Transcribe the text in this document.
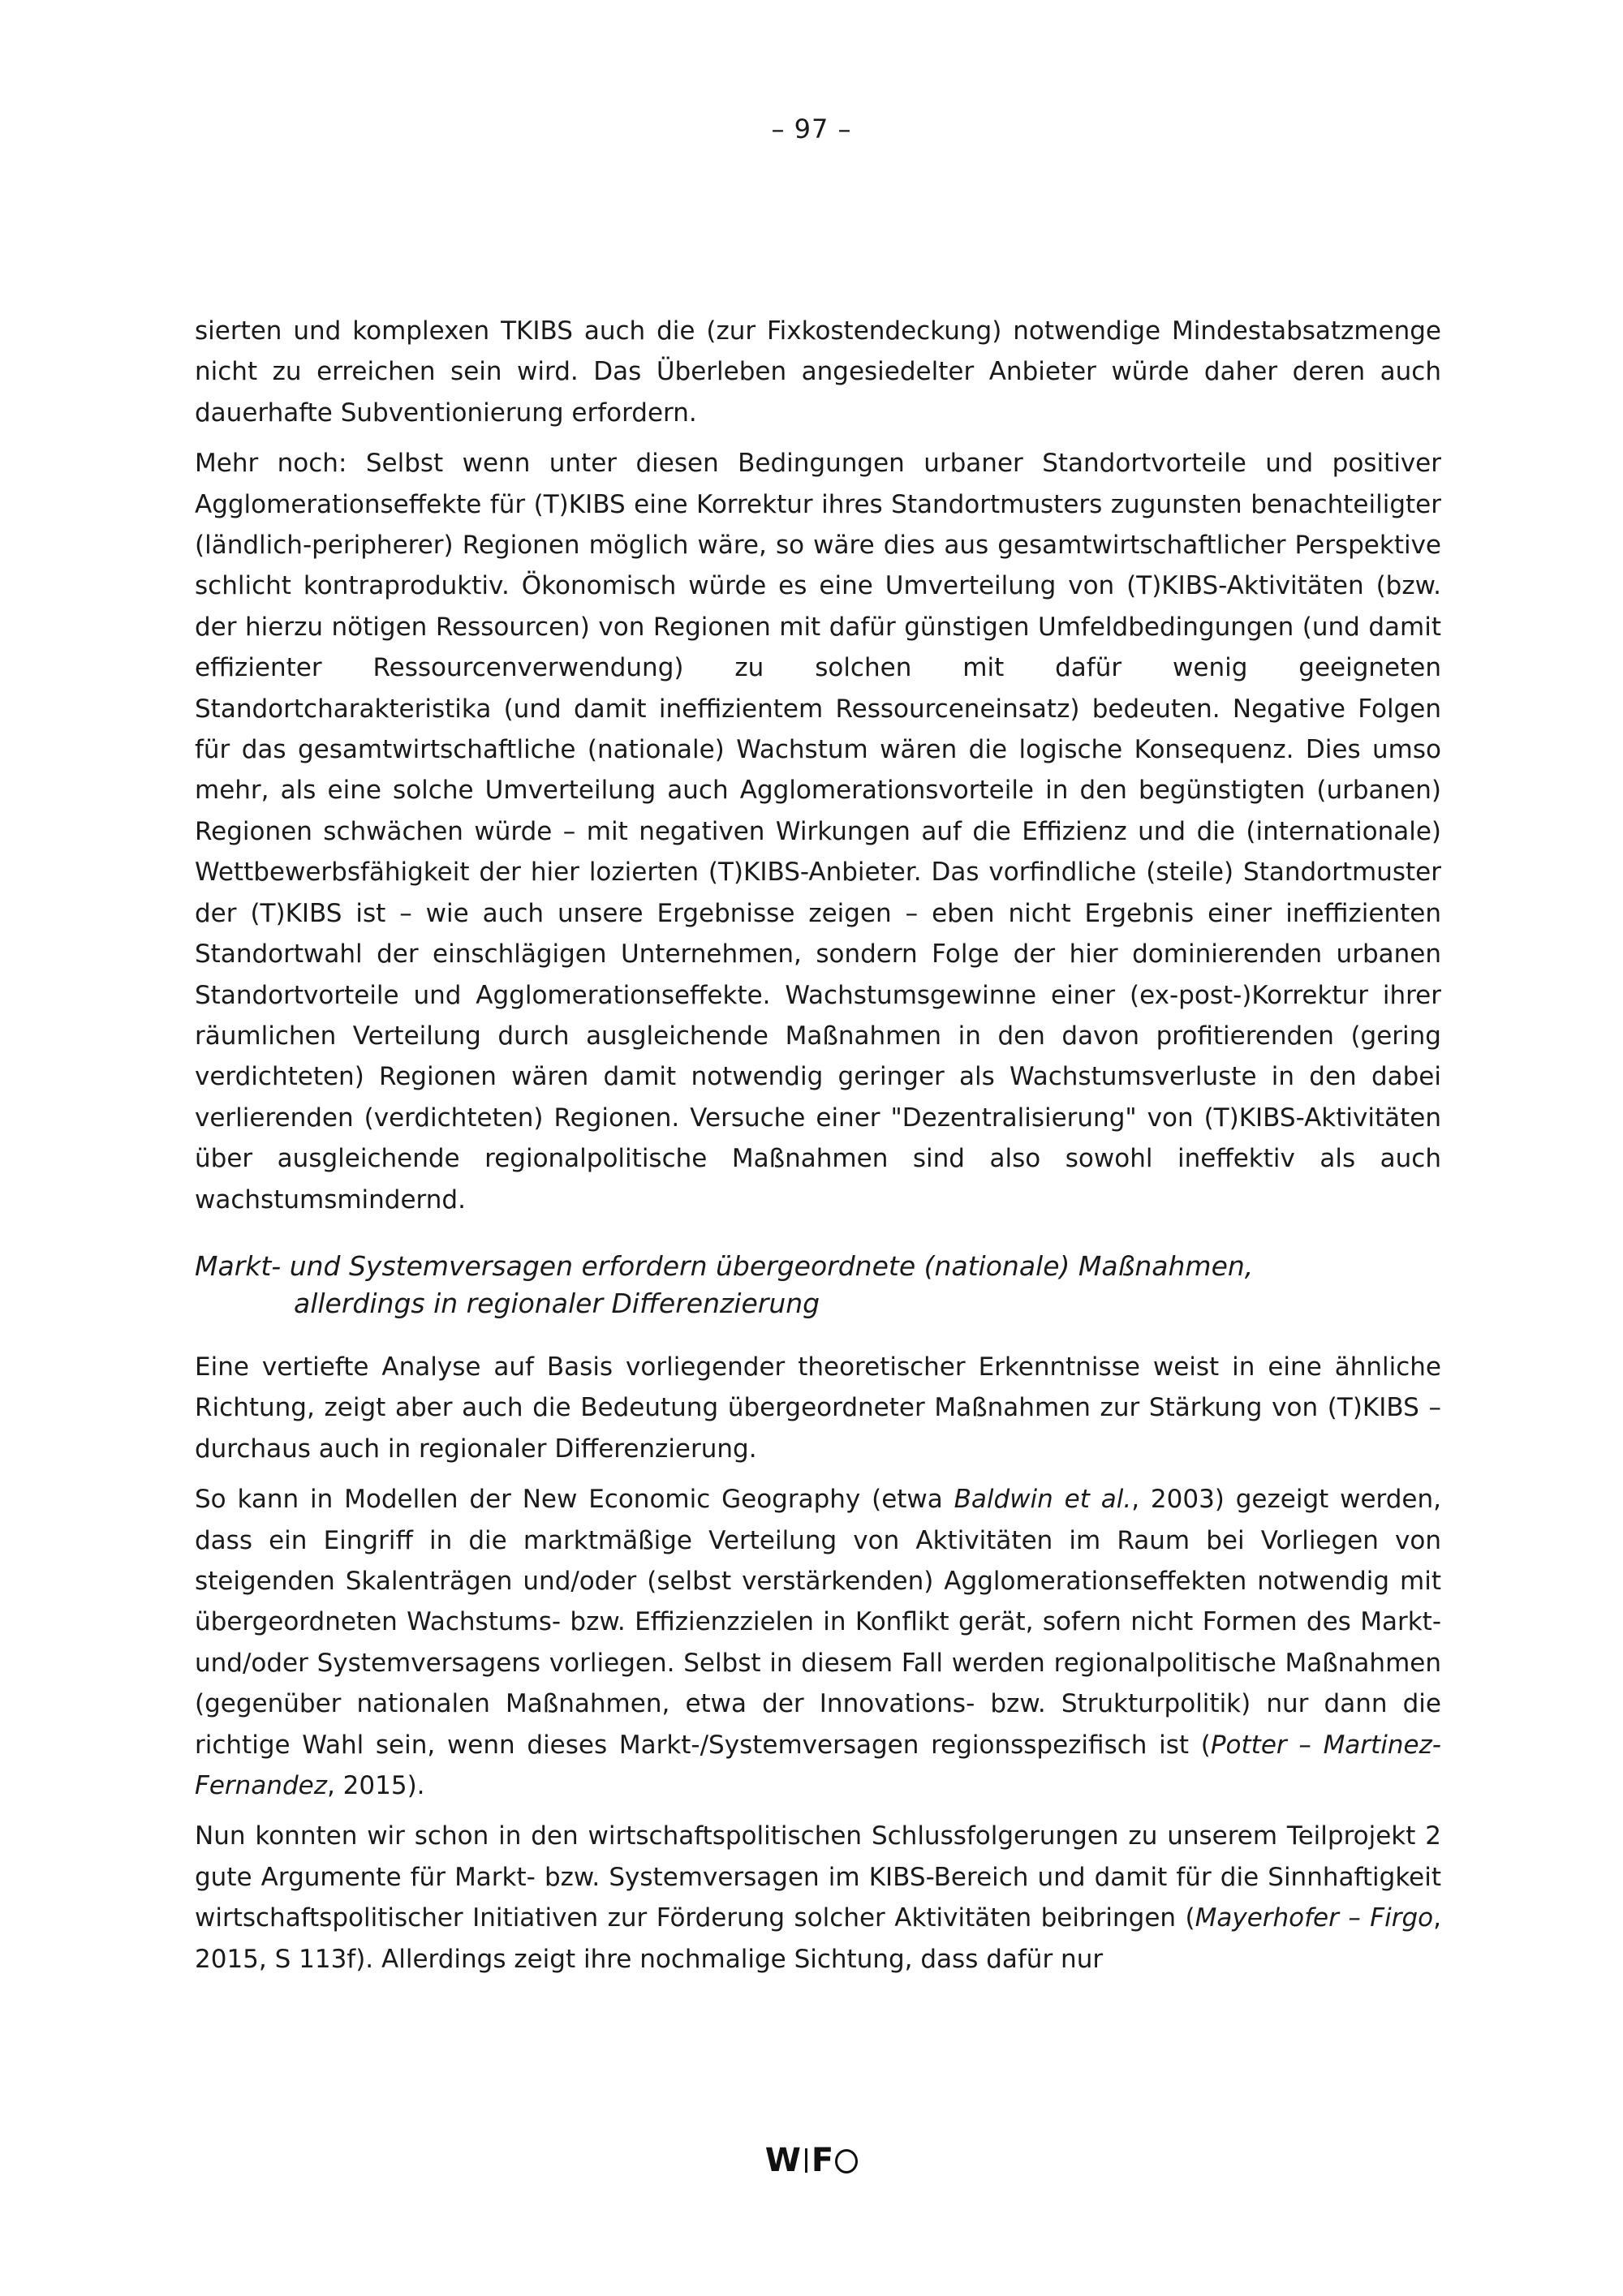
– 97 –

sierten und komplexen TKIBS auch die (zur Fixkostendeckung) notwendige Mindestabsatzmenge nicht zu erreichen sein wird. Das Überleben angesiedelter Anbieter würde daher deren auch dauerhafte Subventionierung erfordern.

Mehr noch: Selbst wenn unter diesen Bedingungen urbaner Standortvorteile und positiver Agglomerationseffekte für (T)KIBS eine Korrektur ihres Standortmusters zugunsten benachteiligter (ländlich-peripherer) Regionen möglich wäre, so wäre dies aus gesamtwirtschaftlicher Perspektive schlicht kontraproduktiv. Ökonomisch würde es eine Umverteilung von (T)KIBS-Aktivitäten (bzw. der hierzu nötigen Ressourcen) von Regionen mit dafür günstigen Umfeldbedingungen (und damit effizienter Ressourcenverwendung) zu solchen mit dafür wenig geeigneten Standortcharakteristika (und damit ineffizientem Ressourceneinsatz) bedeuten. Negative Folgen für das gesamtwirtschaftliche (nationale) Wachstum wären die logische Konsequenz. Dies umso mehr, als eine solche Umverteilung auch Agglomerationsvorteile in den begünstigten (urbanen) Regionen schwächen würde – mit negativen Wirkungen auf die Effizienz und die (internationale) Wettbewerbsfähigkeit der hier lozierten (T)KIBS-Anbieter. Das vorfindliche (steile) Standortmuster der (T)KIBS ist – wie auch unsere Ergebnisse zeigen – eben nicht Ergebnis einer ineffizienten Standortwahl der einschlägigen Unternehmen, sondern Folge der hier dominierenden urbanen Standortvorteile und Agglomerationseffekte. Wachstumsgewinne einer (ex-post-)Korrektur ihrer räumlichen Verteilung durch ausgleichende Maßnahmen in den davon profitierenden (gering verdichteten) Regionen wären damit notwendig geringer als Wachstumsverluste in den dabei verlierenden (verdichteten) Regionen. Versuche einer "Dezentralisierung" von (T)KIBS-Aktivitäten über ausgleichende regionalpolitische Maßnahmen sind also sowohl ineffektiv als auch wachstumsmindernd.

Markt- und Systemversagen erfordern übergeordnete (nationale) Maßnahmen,
allerdings in regionaler Differenzierung

Eine vertiefte Analyse auf Basis vorliegender theoretischer Erkenntnisse weist in eine ähnliche Richtung, zeigt aber auch die Bedeutung übergeordneter Maßnahmen zur Stärkung von (T)KIBS – durchaus auch in regionaler Differenzierung.

So kann in Modellen der New Economic Geography (etwa Baldwin et al., 2003) gezeigt werden, dass ein Eingriff in die marktmäßige Verteilung von Aktivitäten im Raum bei Vorliegen von steigenden Skalenträgen und/oder (selbst verstärkenden) Agglomerationseffekten notwendig mit übergeordneten Wachstums- bzw. Effizienzzielen in Konflikt gerät, sofern nicht Formen des Markt- und/oder Systemversagens vorliegen. Selbst in diesem Fall werden regionalpolitische Maßnahmen (gegenüber nationalen Maßnahmen, etwa der Innovations- bzw. Strukturpolitik) nur dann die richtige Wahl sein, wenn dieses Markt-/Systemversagen regionsspezifisch ist (Potter – Martinez-Fernandez, 2015).

Nun konnten wir schon in den wirtschaftspolitischen Schlussfolgerungen zu unserem Teilprojekt 2 gute Argumente für Markt- bzw. Systemversagen im KIBS-Bereich und damit für die Sinnhaftigkeit wirtschaftspolitischer Initiativen zur Förderung solcher Aktivitäten beibringen (Mayerhofer – Firgo, 2015, S 113f). Allerdings zeigt ihre nochmalige Sichtung, dass dafür nur

W F
